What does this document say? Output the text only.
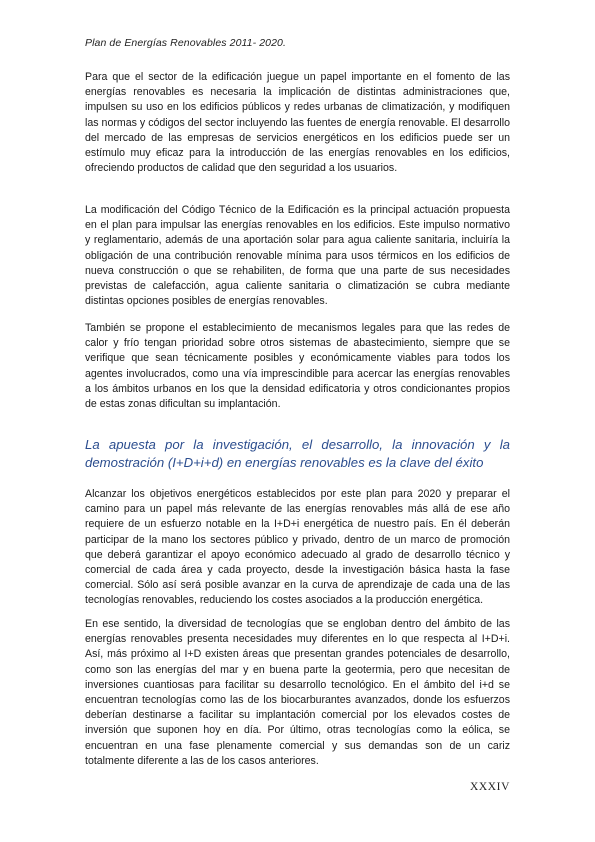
Plan de Energías Renovables 2011- 2020.

Para que el sector de la edificación juegue un papel importante en el fomento de las energías renovables es necesaria la implicación de distintas administraciones que, impulsen su uso en los edificios públicos y redes urbanas de climatización, y modifiquen las normas y códigos del sector incluyendo las fuentes de energía renovable. El desarrollo del mercado de las empresas de servicios energéticos en los edificios puede ser un estímulo muy eficaz para la introducción de las energías renovables en los edificios, ofreciendo productos de calidad que den seguridad a los usuarios.

La modificación del Código Técnico de la Edificación es la principal actuación propuesta en el plan para impulsar las energías renovables en los edificios. Este impulso normativo y reglamentario, además de una aportación solar para agua caliente sanitaria, incluiría la obligación de una contribución renovable mínima para usos térmicos en los edificios de nueva construcción o que se rehabiliten, de forma que una parte de sus necesidades previstas de calefacción, agua caliente sanitaria o climatización se cubra mediante distintas opciones posibles de energías renovables.

También se propone el establecimiento de mecanismos legales para que las redes de calor y frío tengan prioridad sobre otros sistemas de abastecimiento, siempre que se verifique que sean técnicamente posibles y económicamente viables para todos los agentes involucrados, como una vía imprescindible para acercar las energías renovables a los ámbitos urbanos en los que la densidad edificatoria y otros condicionantes propios de estas zonas dificultan su implantación.

La apuesta por la investigación, el desarrollo, la innovación y la demostración (I+D+i+d) en energías renovables es la clave del éxito

Alcanzar los objetivos energéticos establecidos por este plan para 2020 y preparar el camino para un papel más relevante de las energías renovables más allá de ese año requiere de un esfuerzo notable en la I+D+i energética de nuestro país. En él deberán participar de la mano los sectores público y privado, dentro de un marco de promoción que deberá garantizar el apoyo económico adecuado al grado de desarrollo técnico y comercial de cada área y cada proyecto, desde la investigación básica hasta la fase comercial. Sólo así será posible avanzar en la curva de aprendizaje de cada una de las tecnologías renovables, reduciendo los costes asociados a la producción energética.

En ese sentido, la diversidad de tecnologías que se engloban dentro del ámbito de las energías renovables presenta necesidades muy diferentes en lo que respecta al I+D+i. Así, más próximo al I+D existen áreas que presentan grandes potenciales de desarrollo, como son las energías del mar y en buena parte la geotermia, pero que necesitan de inversiones cuantiosas para facilitar su desarrollo tecnológico. En el ámbito del i+d se encuentran tecnologías como las de los biocarburantes avanzados, donde los esfuerzos deberían destinarse a facilitar su implantación comercial por los elevados costes de inversión que suponen hoy en día. Por último, otras tecnologías como la eólica, se encuentran en una fase plenamente comercial y sus demandas son de un cariz totalmente diferente a las de los casos anteriores.

XXXIV
